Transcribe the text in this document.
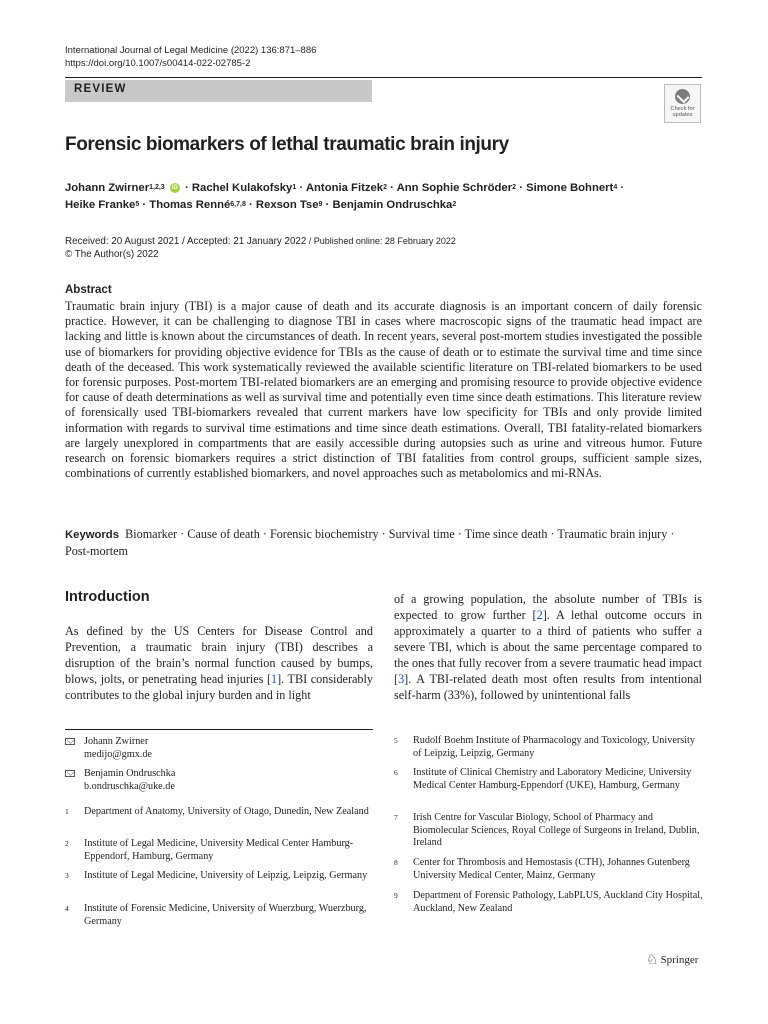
International Journal of Legal Medicine (2022) 136:871–886
https://doi.org/10.1007/s00414-022-02785-2
REVIEW
Check for
updates
Forensic biomarkers of lethal traumatic brain injury
Johann Zwirner$^{1,2,3}$ iD · Rachel Kulakofsky$^1$ · Antonia Fitzek$^2$ · Ann Sophie Schröder$^2$ · Simone Bohnert$^4$ ·
Heike Franke$^5$ · Thomas Renné$^{6,7,8}$ · Rexson Tse$^9$ · Benjamin Ondruschka$^2$
Received: 20 August 2021 / Accepted: 21 January 2022 / Published online: 28 February 2022
© The Author(s) 2022
Abstract
Traumatic brain injury (TBI) is a major cause of death and its accurate diagnosis is an important concern of daily forensic practice. However, it can be challenging to diagnose TBI in cases where macroscopic signs of the traumatic head impact are lacking and little is known about the circumstances of death. In recent years, several post-mortem studies investigated the possible use of biomarkers for providing objective evidence for TBIs as the cause of death or to estimate the survival time and time since death of the deceased. This work systematically reviewed the available scientific literature on TBI-related biomarkers to be used for forensic purposes. Post-mortem TBI-related biomarkers are an emerging and promising resource to provide objective evidence for cause of death determinations as well as survival time and potentially even time since death estimations. This literature review of forensically used TBI-biomarkers revealed that current markers have low specificity for TBIs and only provide limited information with regards to survival time estimations and time since death estimations. Overall, TBI fatality-related biomarkers are largely unexplored in compartments that are easily accessible during autopsies such as urine and vitreous humor. Future research on forensic biomarkers requires a strict distinction of TBI fatalities from control groups, sufficient sample sizes, combinations of currently established biomarkers, and novel approaches such as metabolomics and mi-RNAs.
Keywords Biomarker · Cause of death · Forensic biochemistry · Survival time · Time since death · Traumatic brain injury · Post-mortem
Introduction
As defined by the US Centers for Disease Control and Prevention, a traumatic brain injury (TBI) describes a disruption of the brain’s normal function caused by bumps, blows, jolts, or penetrating head injuries [1]. TBI considerably contributes to the global injury burden and in light
of a growing population, the absolute number of TBIs is expected to grow further [2]. A lethal outcome occurs in approximately a quarter to a third of patients who suffer a severe TBI, which is about the same percentage compared to the ones that fully recover from a severe traumatic head impact [3]. A TBI-related death most often results from intentional self-harm (33%), followed by unintentional falls
Johann Zwirner
medijo@gmx.de
Benjamin Ondruschka
b.ondruschka@uke.de
1 Department of Anatomy, University of Otago, Dunedin, New Zealand
2 Institute of Legal Medicine, University Medical Center Hamburg-Eppendorf, Hamburg, Germany
3 Institute of Legal Medicine, University of Leipzig, Leipzig, Germany
4 Institute of Forensic Medicine, University of Wuerzburg, Wuerzburg, Germany
5 Rudolf Boehm Institute of Pharmacology and Toxicology, University of Leipzig, Leipzig, Germany
6 Institute of Clinical Chemistry and Laboratory Medicine, University Medical Center Hamburg-Eppendorf (UKE), Hamburg, Germany
7 Irish Centre for Vascular Biology, School of Pharmacy and Biomolecular Sciences, Royal College of Surgeons in Ireland, Dublin, Ireland
8 Center for Thrombosis and Hemostasis (CTH), Johannes Gutenberg University Medical Center, Mainz, Germany
9 Department of Forensic Pathology, LabPLUS, Auckland City Hospital, Auckland, New Zealand
♘ Springer
